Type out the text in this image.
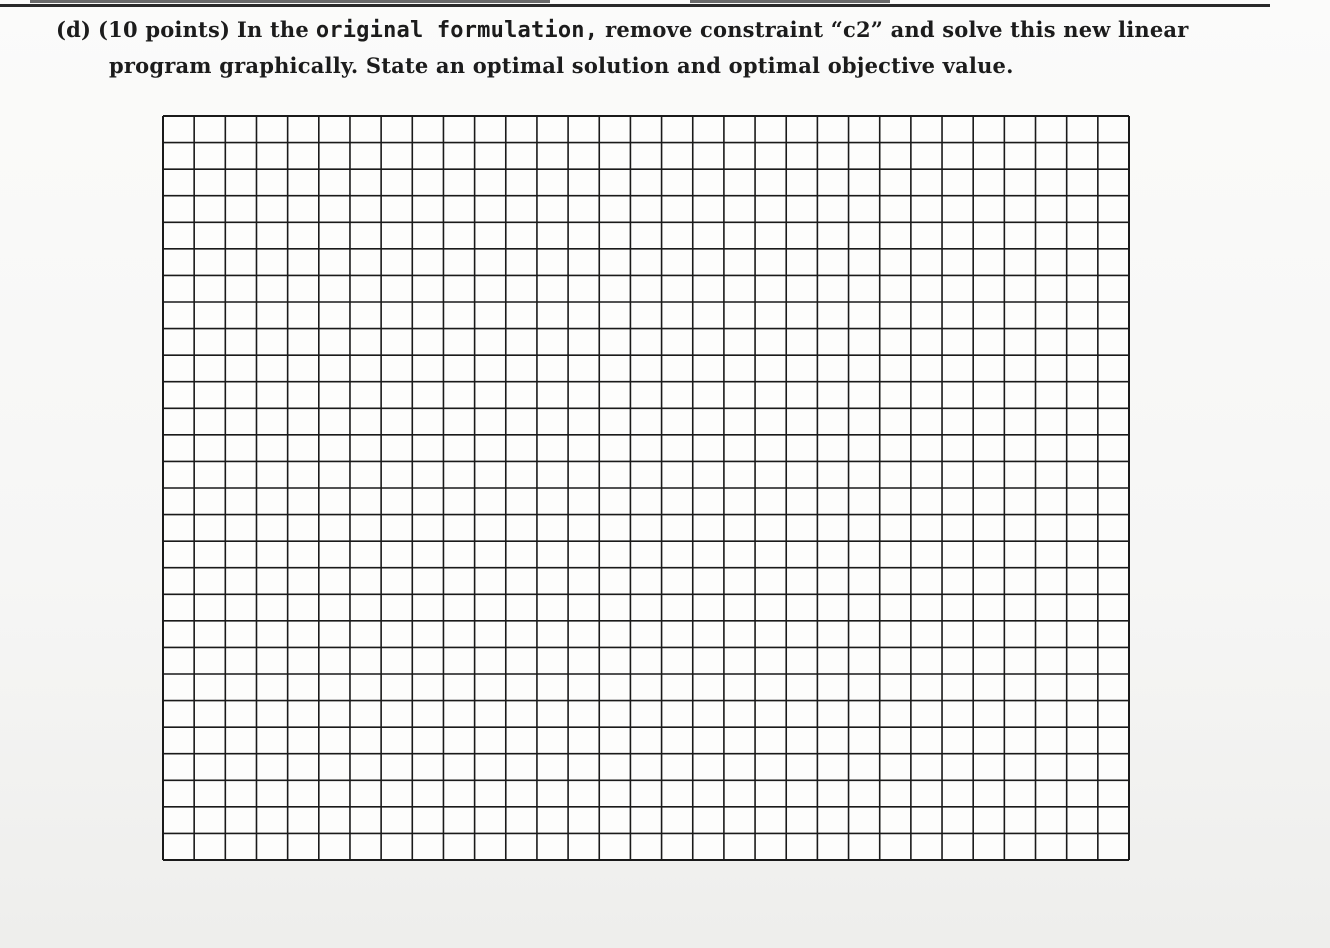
(d) (10 points) In the original formulation, remove constraint “c2” and solve this new linear
program graphically. State an optimal solution and optimal objective value.
